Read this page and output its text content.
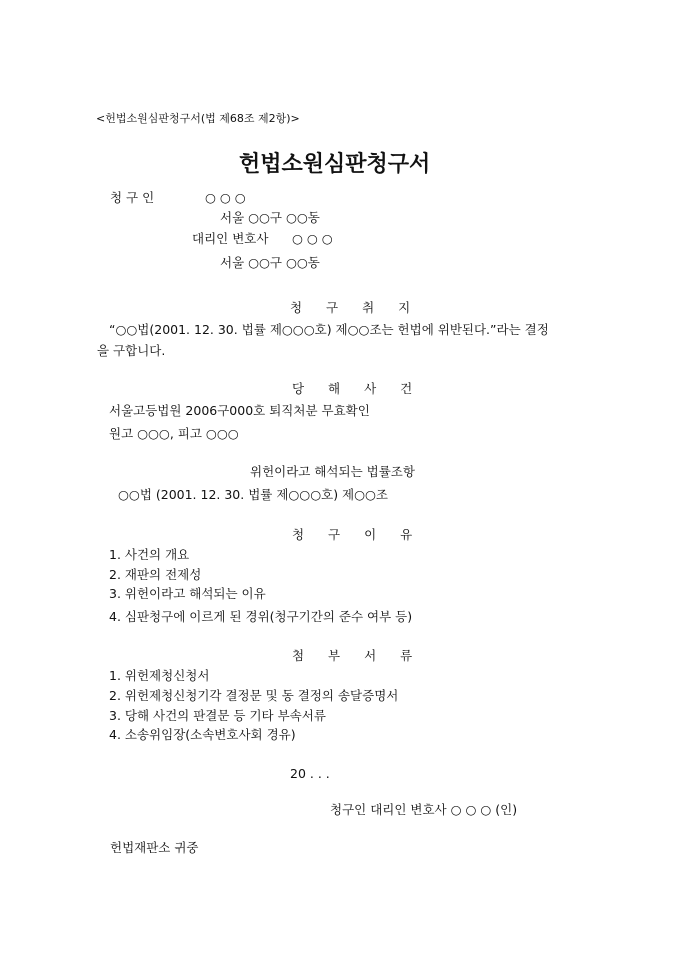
<헌법소원심판청구서(법 제68조 제2항)>
헌법소원심판청구서
청 구 인	○ ○ ○
서울 ○○구 ○○동
대리인 변호사 ○ ○ ○
서울 ○○구 ○○동
청 구 취 지
“○○법(2001. 12. 30. 법률 제○○○호) 제○○조는 헌법에 위반된다.”라는 결정
을 구합니다.
당 해 사 건
서울고등법원 2006구000호 퇴직처분 무효확인
원고 ○○○, 피고 ○○○
위헌이라고 해석되는 법률조항
○○법 (2001. 12. 30. 법률 제○○○호) 제○○조
청 구 이 유
1. 사건의 개요
2. 재판의 전제성
3. 위헌이라고 해석되는 이유
4. 심판청구에 이르게 된 경위(청구기간의 준수 여부 등)
첨 부 서 류
1. 위헌제청신청서
2. 위헌제청신청기각 결정문 및 동 결정의 송달증명서
3. 당해 사건의 판결문 등 기타 부속서류
4. 소송위임장(소속변호사회 경유)
20 . . .
청구인 대리인 변호사 ○ ○ ○ (인)
헌법재판소 귀중
